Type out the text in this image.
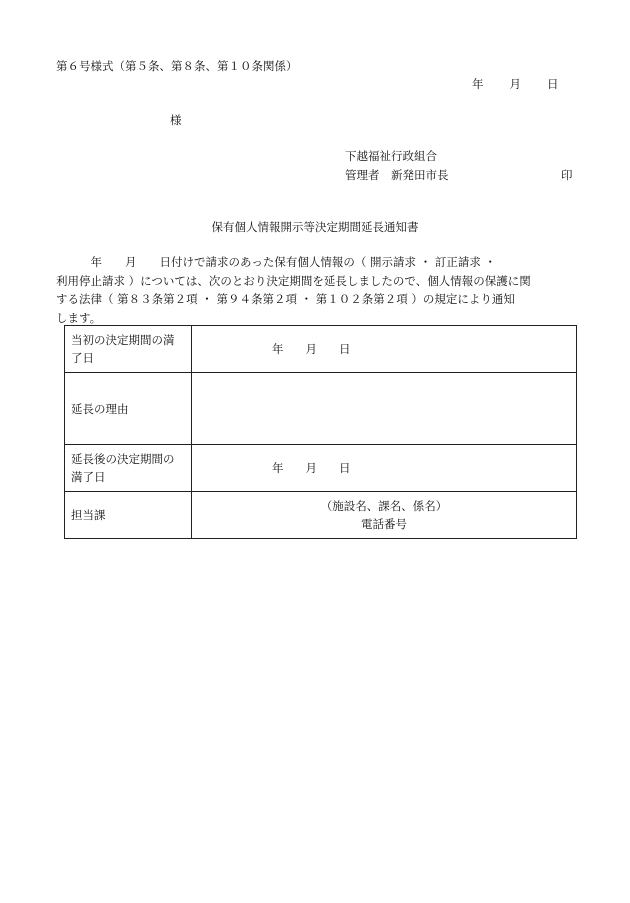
第６号様式（第５条、第８条、第１０条関係）
年 月 日
様
下越福祉行政組合
管理者　新発田市長	印
保有個人情報開示等決定期間延長通知書
　　　年　　月　　日付けで請求のあった保有個人情報の（ 開示請求 ・ 訂正請求 ・
利用停止請求 ）については、次のとおり決定期間を延長しましたので、個人情報の保護に関
する法律（ 第８３条第２項 ・ 第９４条第２項 ・ 第１０２条第２項 ）の規定により通知
します。
当初の決定期間の満
了日	年 月 日

延長の理由	

延長後の決定期間の
満了日	年 月 日

担当課	（施設名、課名、係名）
電話番号
